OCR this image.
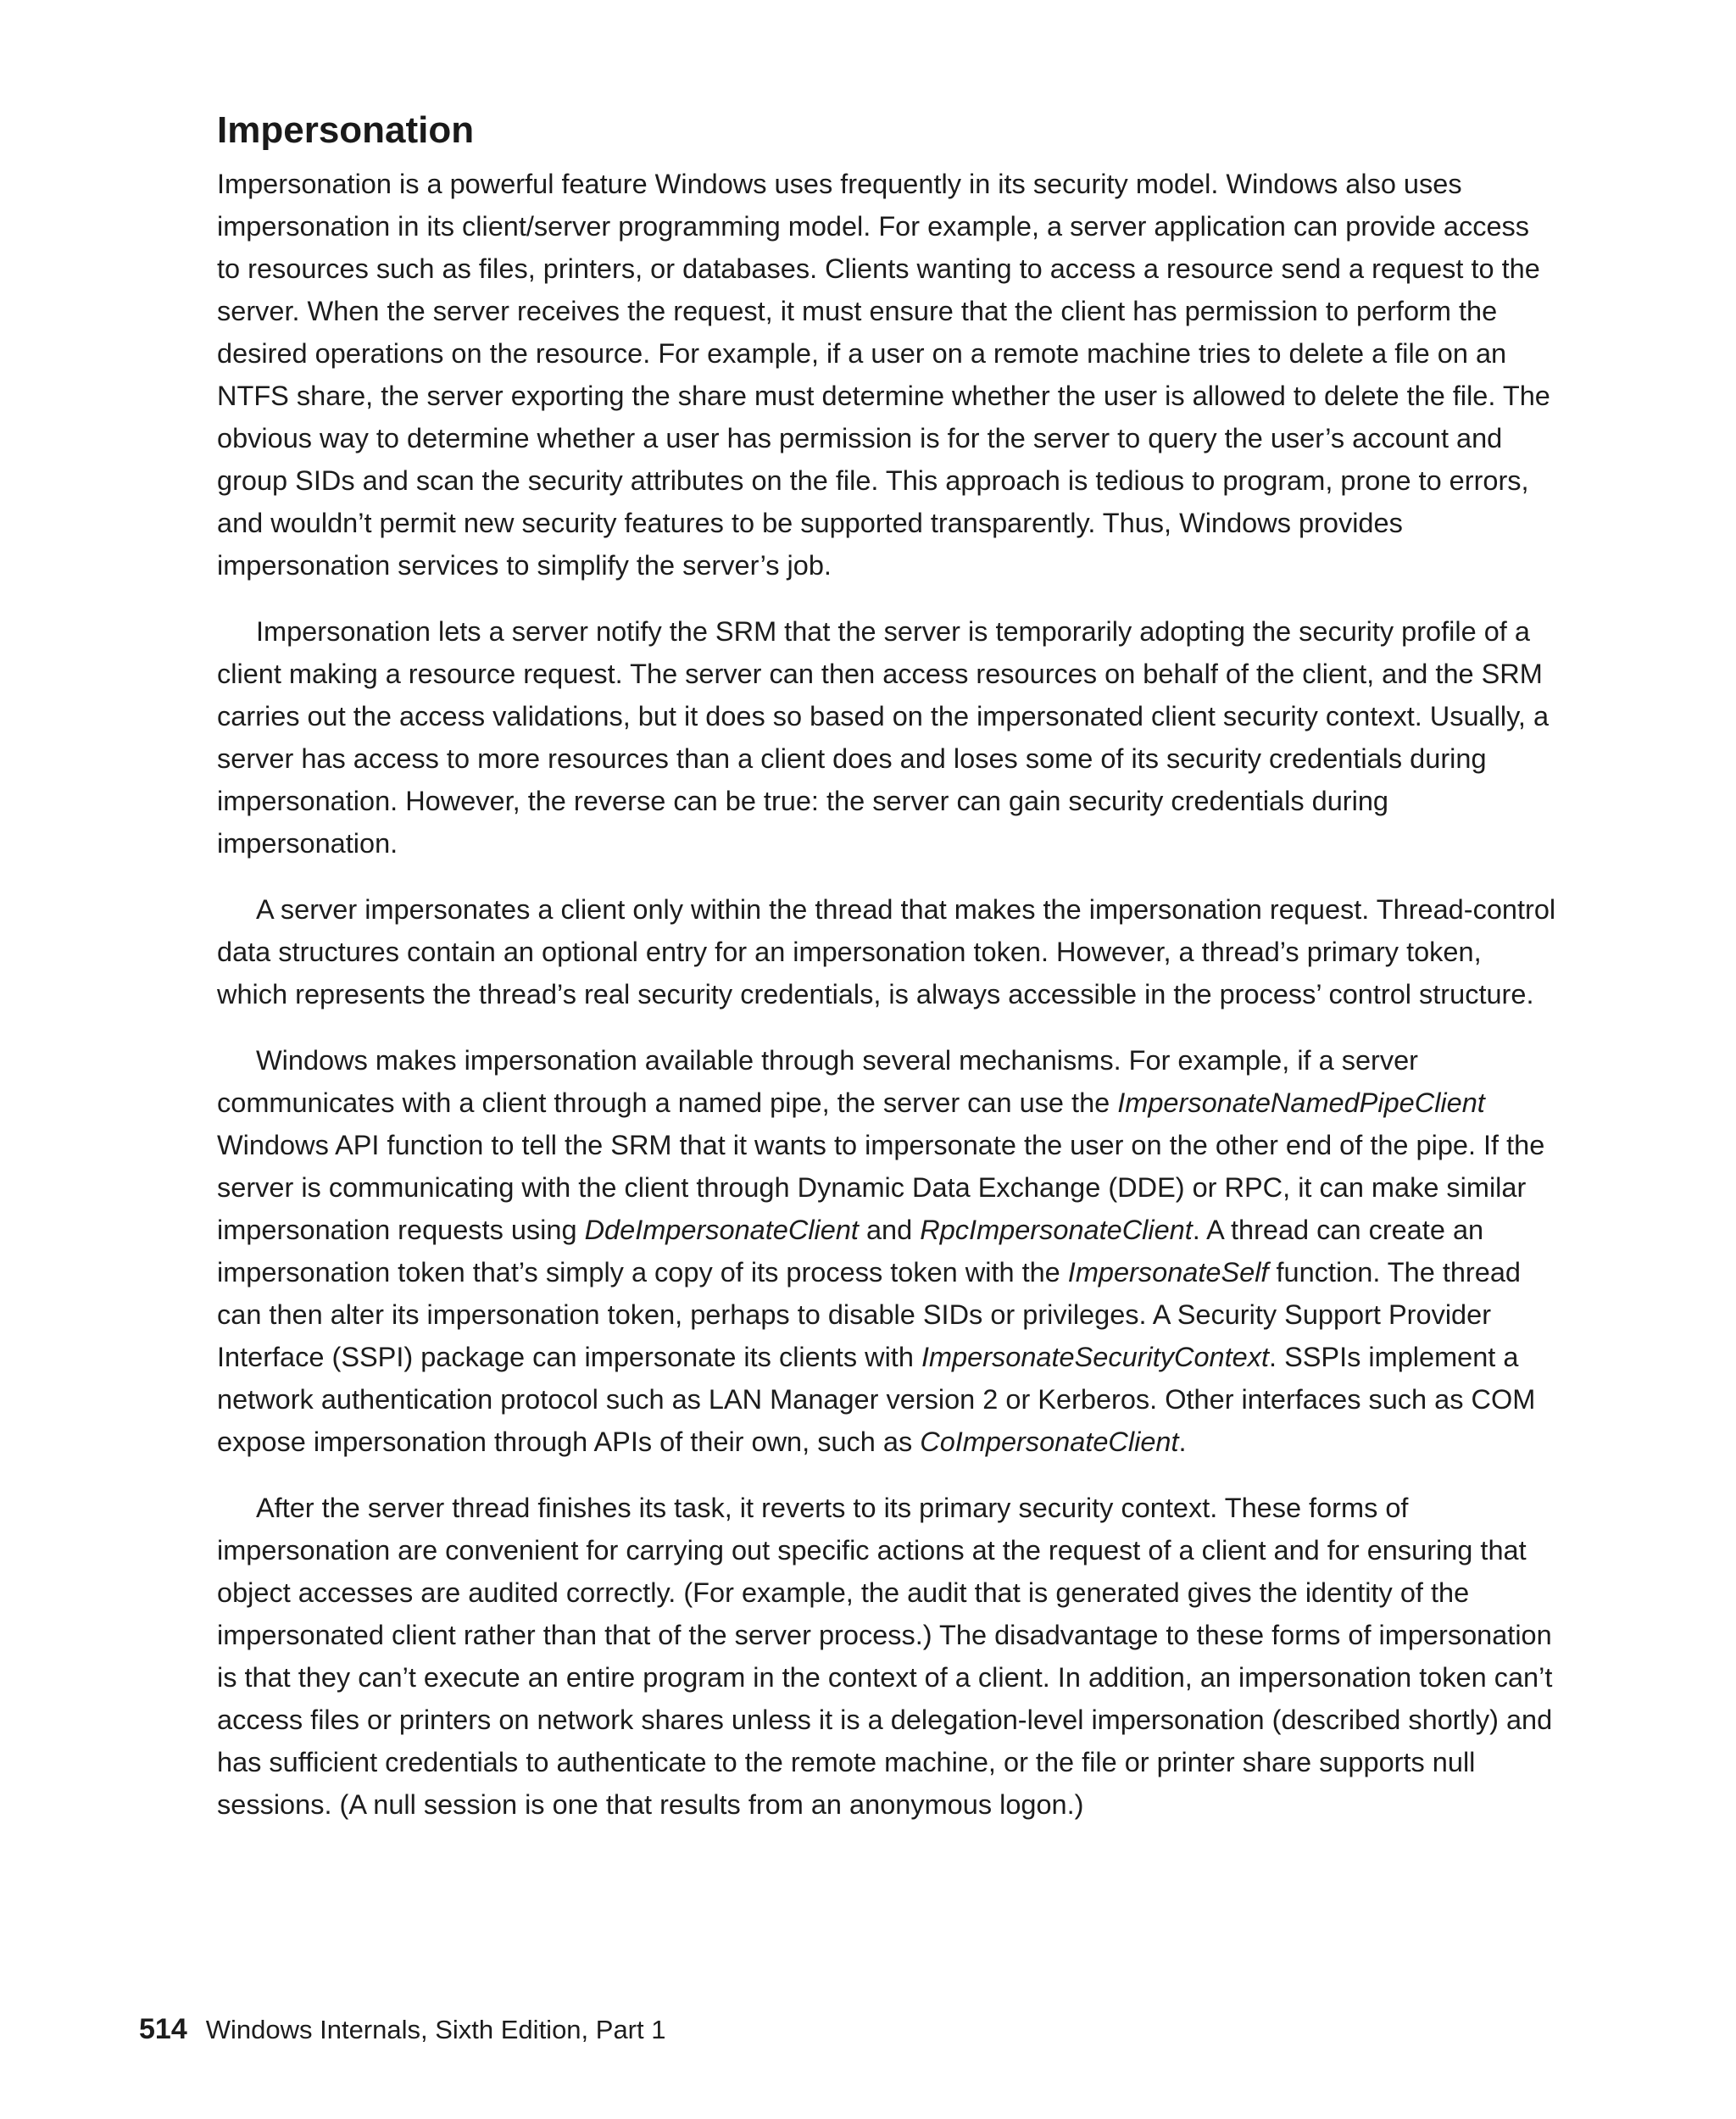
Impersonation

Impersonation is a powerful feature Windows uses frequently in its security model. Windows also uses impersonation in its client/server programming model. For example, a server application can provide access to resources such as files, printers, or databases. Clients wanting to access a resource send a request to the server. When the server receives the request, it must ensure that the client has permission to perform the desired operations on the resource. For example, if a user on a remote machine tries to delete a file on an NTFS share, the server exporting the share must determine whether the user is allowed to delete the file. The obvious way to determine whether a user has permission is for the server to query the user’s account and group SIDs and scan the security attributes on the file. This approach is tedious to program, prone to errors, and wouldn’t permit new security features to be supported transparently. Thus, Windows provides impersonation services to simplify the server’s job.

Impersonation lets a server notify the SRM that the server is temporarily adopting the security profile of a client making a resource request. The server can then access resources on behalf of the client, and the SRM carries out the access validations, but it does so based on the impersonated client security context. Usually, a server has access to more resources than a client does and loses some of its security credentials during impersonation. However, the reverse can be true: the server can gain security credentials during impersonation.

A server impersonates a client only within the thread that makes the impersonation request. Thread-control data structures contain an optional entry for an impersonation token. However, a thread’s primary token, which represents the thread’s real security credentials, is always accessible in the process’ control structure.

Windows makes impersonation available through several mechanisms. For example, if a server communicates with a client through a named pipe, the server can use the ImpersonateNamedPipeClient Windows API function to tell the SRM that it wants to impersonate the user on the other end of the pipe. If the server is communicating with the client through Dynamic Data Exchange (DDE) or RPC, it can make similar impersonation requests using DdeImpersonateClient and RpcImpersonateClient. A thread can create an impersonation token that’s simply a copy of its process token with the ImpersonateSelf function. The thread can then alter its impersonation token, perhaps to disable SIDs or privileges. A Security Support Provider Interface (SSPI) package can impersonate its clients with ImpersonateSecurityContext. SSPIs implement a network authentication protocol such as LAN Manager version 2 or Kerberos. Other interfaces such as COM expose impersonation through APIs of their own, such as CoImpersonateClient.

After the server thread finishes its task, it reverts to its primary security context. These forms of impersonation are convenient for carrying out specific actions at the request of a client and for ensuring that object accesses are audited correctly. (For example, the audit that is generated gives the identity of the impersonated client rather than that of the server process.) The disadvantage to these forms of impersonation is that they can’t execute an entire program in the context of a client. In addition, an impersonation token can’t access files or printers on network shares unless it is a delegation-level impersonation (described shortly) and has sufficient credentials to authenticate to the remote machine, or the file or printer share supports null sessions. (A null session is one that results from an anonymous logon.)

514 Windows Internals, Sixth Edition, Part 1
